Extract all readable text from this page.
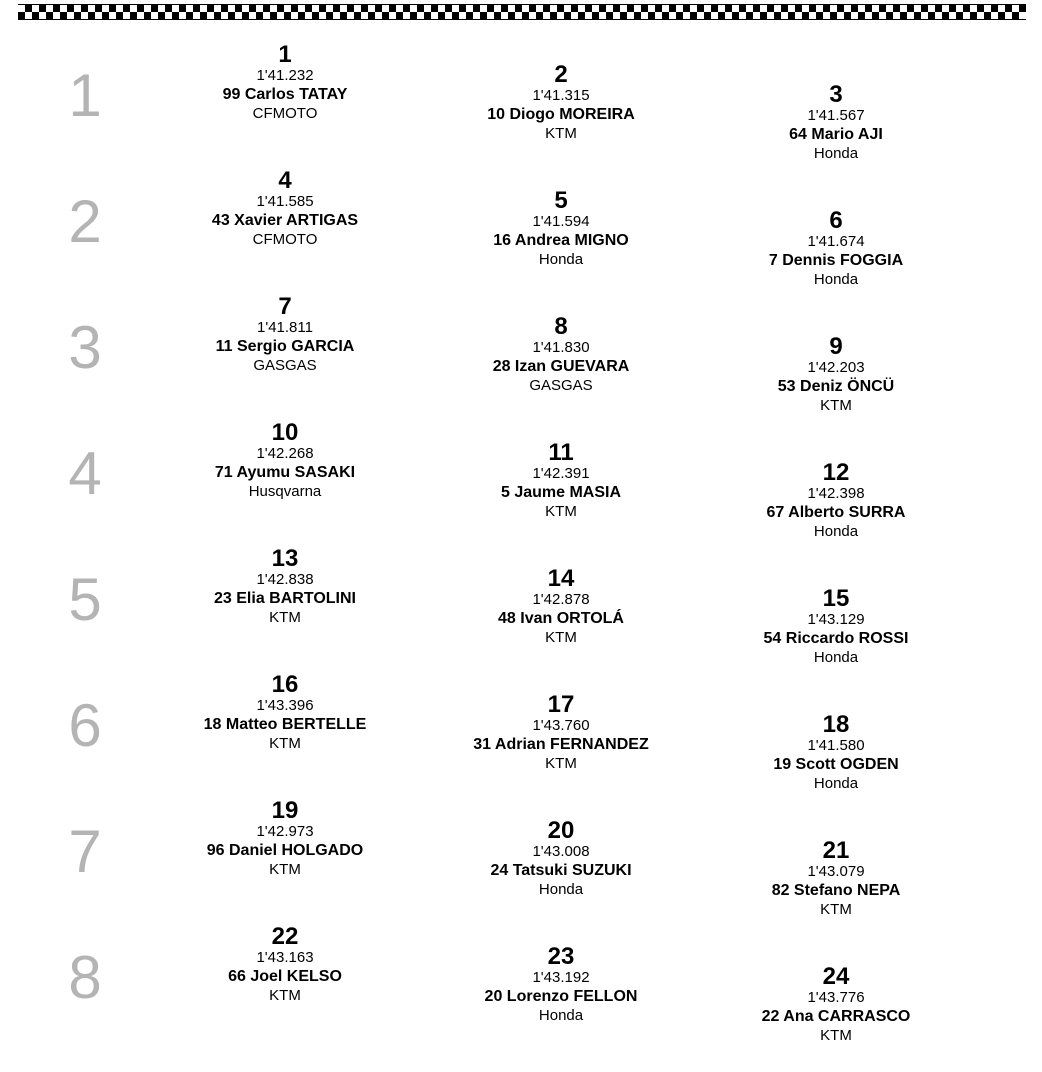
1
1
1'41.232
99 Carlos TATAY
CFMOTO
2
1'41.315
10 Diogo MOREIRA
KTM
3
1'41.567
64 Mario AJI
Honda
2
4
1'41.585
43 Xavier ARTIGAS
CFMOTO
5
1'41.594
16 Andrea MIGNO
Honda
6
1'41.674
7 Dennis FOGGIA
Honda
3
7
1'41.811
11 Sergio GARCIA
GASGAS
8
1'41.830
28 Izan GUEVARA
GASGAS
9
1'42.203
53 Deniz ÖNCÜ
KTM
4
10
1'42.268
71 Ayumu SASAKI
Husqvarna
11
1'42.391
5 Jaume MASIA
KTM
12
1'42.398
67 Alberto SURRA
Honda
5
13
1'42.838
23 Elia BARTOLINI
KTM
14
1'42.878
48 Ivan ORTOLÁ
KTM
15
1'43.129
54 Riccardo ROSSI
Honda
6
16
1'43.396
18 Matteo BERTELLE
KTM
17
1'43.760
31 Adrian FERNANDEZ
KTM
18
1'41.580
19 Scott OGDEN
Honda
7
19
1'42.973
96 Daniel HOLGADO
KTM
20
1'43.008
24 Tatsuki SUZUKI
Honda
21
1'43.079
82 Stefano NEPA
KTM
8
22
1'43.163
66 Joel KELSO
KTM
23
1'43.192
20 Lorenzo FELLON
Honda
24
1'43.776
22 Ana CARRASCO
KTM
